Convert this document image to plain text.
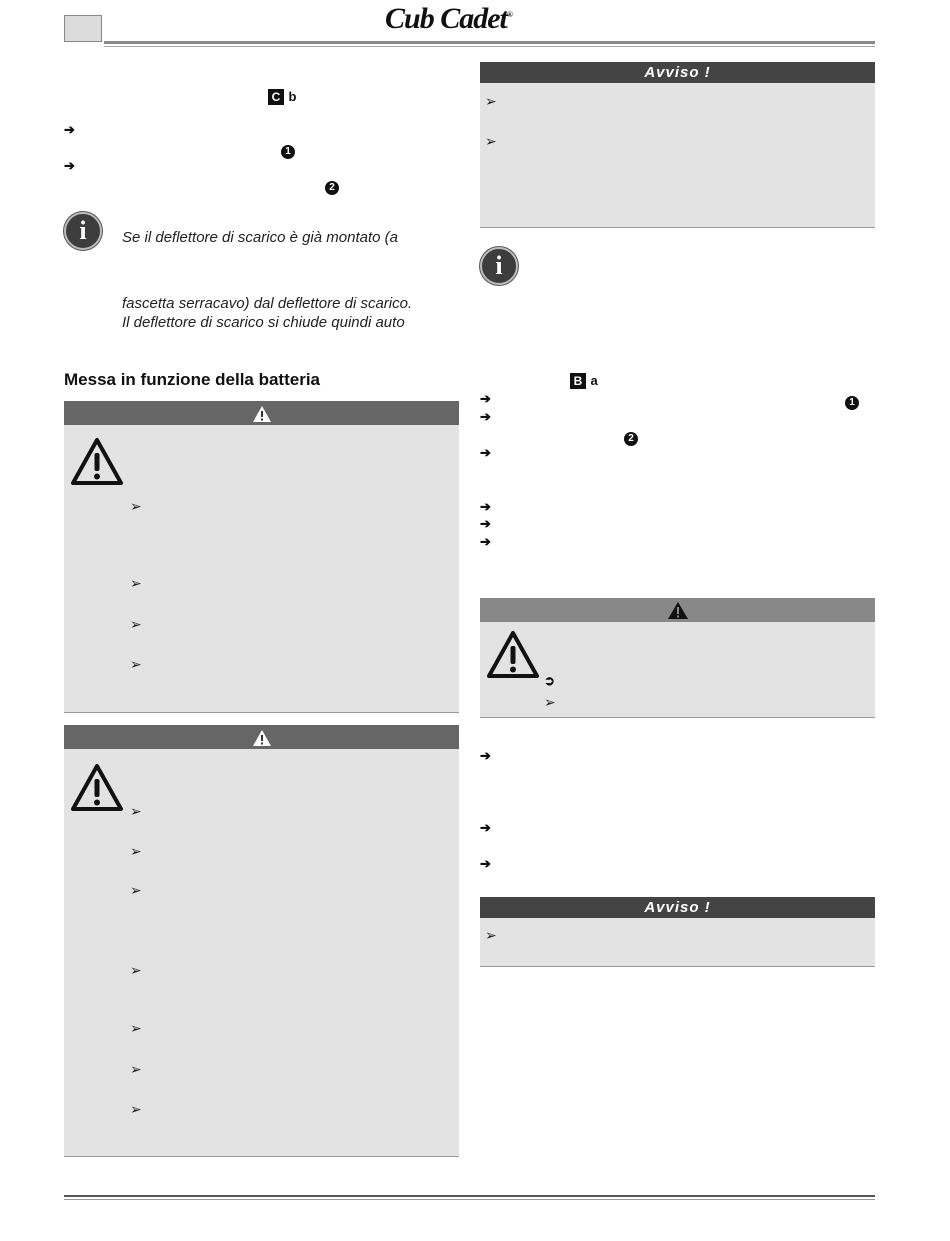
Cub Cadet®
C b
➔
1
➔
2
i	Se il deflettore di scarico è già montato (a
fascetta serracavo) dal deflettore di scarico.
Il deflettore di scarico si chiude quindi auto
Messa in funzione della batteria
➢
➢
➢
➢
➢
➢
➢
➢
➢
➢
➢
Avviso !
➢
➢
i
B a
➔	1
➔
2
➔
➔
➔
➔
➲
➢
➔
➔
➔
Avviso !
➢
